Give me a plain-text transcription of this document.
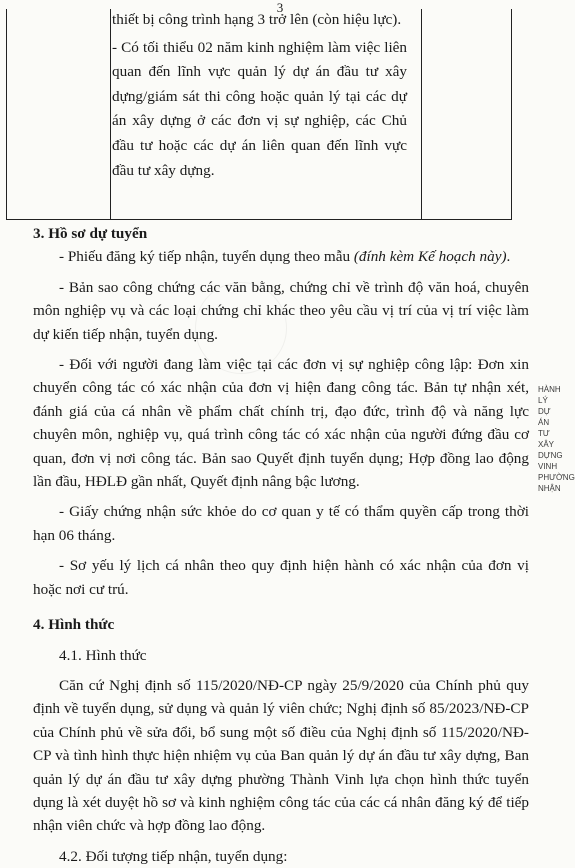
3

thiết bị công trình hạng 3 trở lên (còn hiệu lực).

- Có tối thiểu 02 năm kinh nghiệm làm việc liên quan đến lĩnh vực quản lý dự án đầu tư xây dựng/giám sát thi công hoặc quản lý tại các dự án xây dựng ở các đơn vị sự nghiệp, các Chủ đầu tư hoặc các dự án liên quan đến lĩnh vực đầu tư xây dựng.

3. Hồ sơ dự tuyển

- Phiếu đăng ký tiếp nhận, tuyển dụng theo mẫu (đính kèm Kế hoạch này).

- Bản sao công chứng các văn bằng, chứng chỉ về trình độ văn hoá, chuyên môn nghiệp vụ và các loại chứng chỉ khác theo yêu cầu vị trí của vị trí việc làm dự kiến tiếp nhận, tuyển dụng.

- Đối với người đang làm việc tại các đơn vị sự nghiệp công lập: Đơn xin chuyển công tác có xác nhận của đơn vị hiện đang công tác. Bản tự nhận xét, đánh giá của cá nhân về phẩm chất chính trị, đạo đức, trình độ và năng lực chuyên môn, nghiệp vụ, quá trình công tác có xác nhận của người đứng đầu cơ quan, đơn vị nơi công tác. Bản sao Quyết định tuyển dụng; Hợp đồng lao động lần đầu, HĐLĐ gần nhất, Quyết định nâng bậc lương.

- Giấy chứng nhận sức khỏe do cơ quan y tế có thẩm quyền cấp trong thời hạn 06 tháng.

- Sơ yếu lý lịch cá nhân theo quy định hiện hành có xác nhận của đơn vị hoặc nơi cư trú.

4. Hình thức

4.1. Hình thức

Căn cứ Nghị định số 115/2020/NĐ-CP ngày 25/9/2020 của Chính phủ quy định về tuyển dụng, sử dụng và quản lý viên chức; Nghị định số 85/2023/NĐ-CP của Chính phủ về sửa đổi, bổ sung một số điều của Nghị định số 115/2020/NĐ-CP và tình hình thực hiện nhiệm vụ của Ban quản lý dự án đầu tư xây dựng, Ban quản lý dự án đầu tư xây dựng phường Thành Vinh lựa chọn hình thức tuyển dụng là xét duyệt hồ sơ và kinh nghiệm công tác của các cá nhân đăng ký để tiếp nhận viên chức và hợp đồng lao động.

4.2. Đối tượng tiếp nhận, tuyển dụng:

HÀNH LÝ DỰ ÁN TƯ XÂY DỰNG VINH PHƯỜNG NHẬN
